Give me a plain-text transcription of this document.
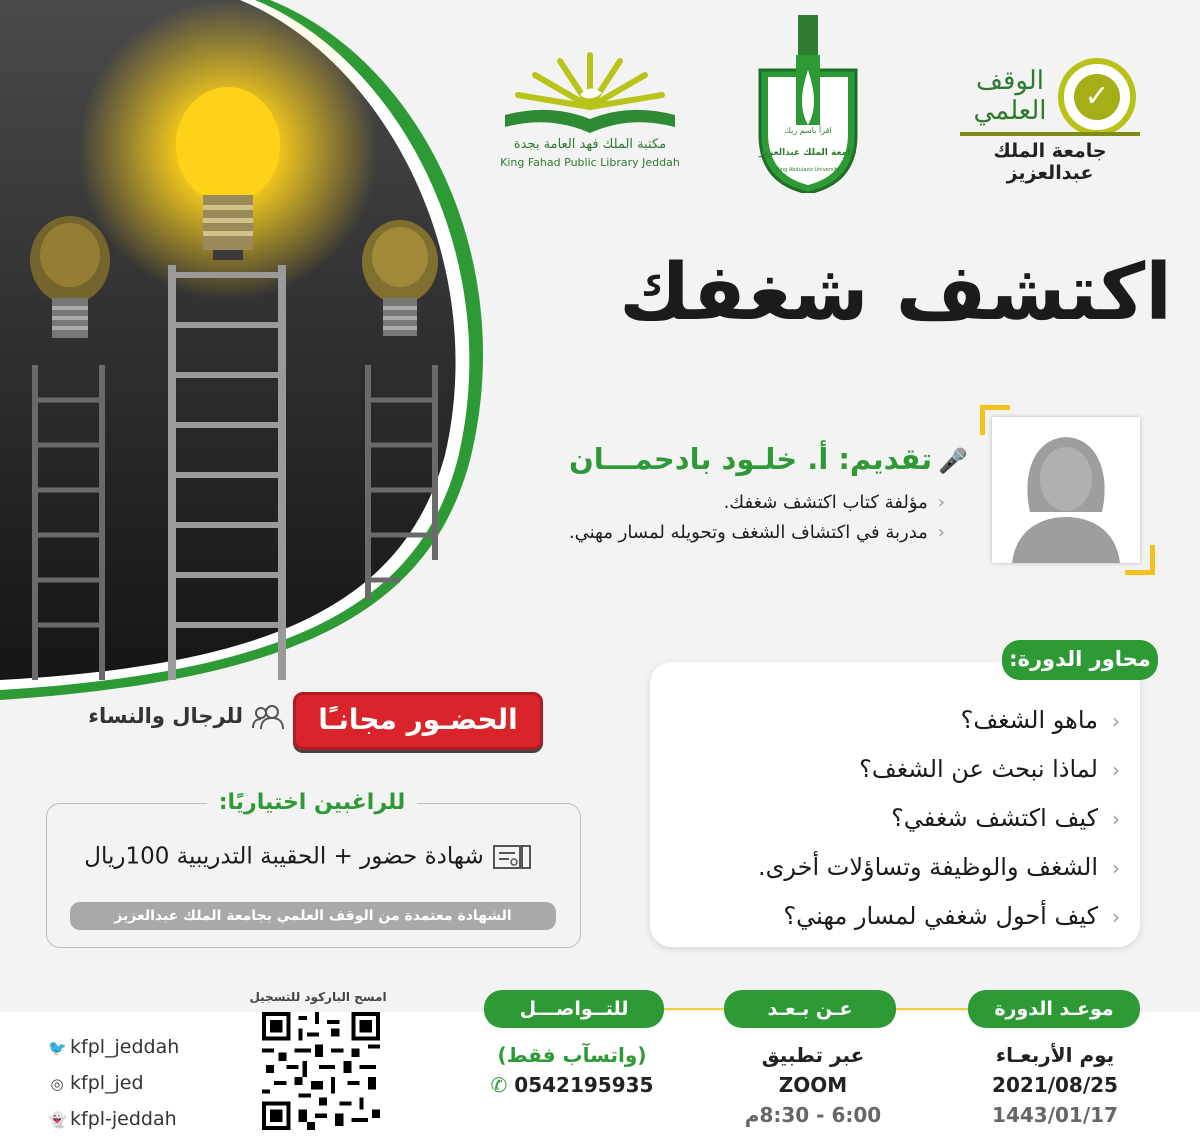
✓
الوقف العلمي
جامعة الملك عبدالعزيز
اقرأ باسم ربك
جامعة الملك عبدالعزيز
King Abdulaziz University
مكتبة الملك فهد العامة بجدة
King Fahad Public Library Jeddah
اكتشف شغفك
🎤تقديم: أ. خلـود بادحمـــان
‹ مؤلفة كتاب اكتشف شغفك.
‹ مدربة في اكتشاف الشغف وتحويله لمسار مهني.
محاور الدورة:
‹ ماهو الشغف؟
‹ لماذا نبحث عن الشغف؟
‹ كيف اكتشف شغفي؟
‹ الشغف والوظيفة وتساؤلات أخرى.
‹ كيف أحول شغفي لمسار مهني؟
الحضـور مجانـًا
للرجال والنساء
للراغبين اختياريًا:
شهادة حضور + الحقيبة التدريبية 100ريال
الشهادة معتمدة من الوقف العلمي بجامعة الملك عبدالعزيز
موعـد الدورة
يوم الأربعـاء
2021/08/25
1443/01/17
عـن بـعـد
عبر تطبيق
ZOOM
6:00 - 8:30م
للتــواصـــل
(واتسآب فقط)
0542195935 ✆
امسح الباركود للتسجيل
🐦 kfpl_jeddah
◎ kfpl_jed
👻 kfpl-jeddah
